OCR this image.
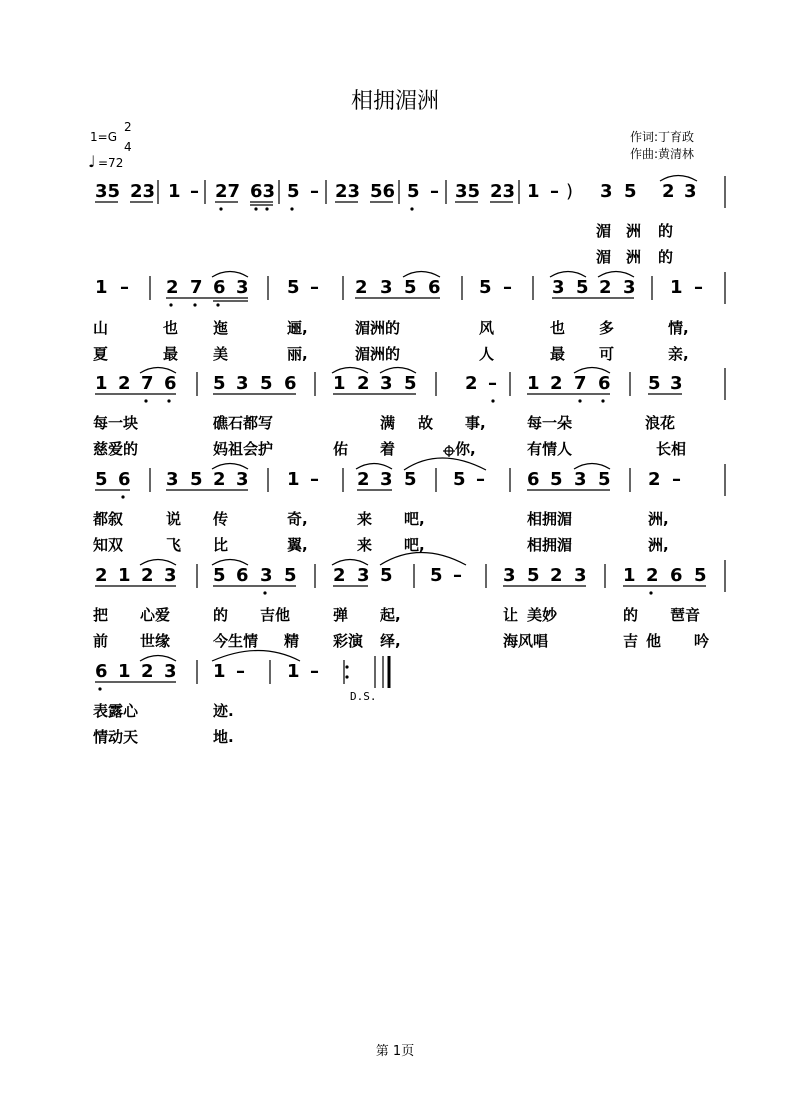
相拥湄洲
1=G
2
4
♩ =72
作词:丁育政
作曲:黄清林
35 23 1 – 27 63 5 – 23 56 5 – 35 23 1 – ) 3 5 2 3
湄 洲 的
湄 洲 的
1 – 2 7 6 3 5 – 2 3 5 6 5 – 3 5 2 3 1 –
山	也 迤	逦,	湄洲的	风	也 多	情,
夏	最 美	丽,	湄洲的	人	最 可	亲,
1 2 7 6 5 3 5 6 1 2 3 5	2 – 1 2 7 6 5 3
每一块	礁石都写	满 故 事,	每一朵	浪花
慈爱的	妈祖会护	佑 着	你,	有情人	长相
5 6 3 5 2 3 1 – 2 3 5 5 – 6 5 3 5 2 –
都叙	说 传	奇,	来 吧,	相拥湄	洲,
知双	飞 比	翼,	来 吧,	相拥湄	洲,
2 1 2 3 5 6 3 5 2 3 5 5 – 3 5 2 3 1 2 6 5
把 心爱	的 吉他	弹 起,	让 美妙	的 琶音
前 世缘	今生情 精 彩演 绎,	海风唱	吉 他 吟
6 1 2 3 1 – 1 –
D.S.
表露心	迹.
情动天	地.
第 1页
